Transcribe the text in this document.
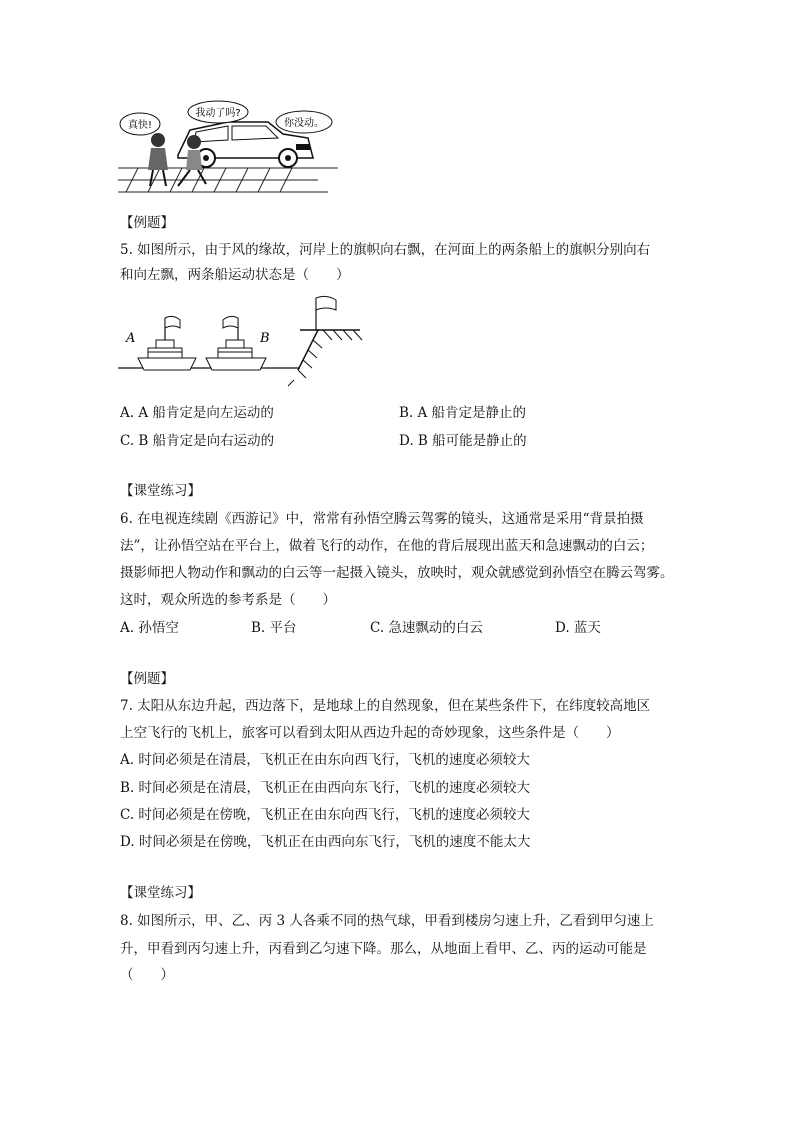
真快!
我动了吗?
你没动。
【例题】
5. 如图所示，由于风的缘故，河岸上的旗帜向右飘，在河面上的两条船上的旗帜分别向右
和向左飘，两条船运动状态是（　　）
A	B
A. A 船肯定是向左运动的	B. A 船肯定是静止的
C. B 船肯定是向右运动的	D. B 船可能是静止的
【课堂练习】
6. 在电视连续剧《西游记》中，常常有孙悟空腾云驾雾的镜头，这通常是采用“背景拍摄
法”，让孙悟空站在平台上，做着飞行的动作，在他的背后展现出蓝天和急速飘动的白云；
摄影师把人物动作和飘动的白云等一起摄入镜头，放映时，观众就感觉到孙悟空在腾云驾雾。
这时，观众所选的参考系是（　　）
A. 孙悟空	B. 平台	C. 急速飘动的白云	D. 蓝天
【例题】
7. 太阳从东边升起，西边落下，是地球上的自然现象，但在某些条件下，在纬度较高地区
上空飞行的飞机上，旅客可以看到太阳从西边升起的奇妙现象，这些条件是（　　）
A. 时间必须是在清晨，飞机正在由东向西飞行，飞机的速度必须较大
B. 时间必须是在清晨，飞机正在由西向东飞行，飞机的速度必须较大
C. 时间必须是在傍晚，飞机正在由东向西飞行，飞机的速度必须较大
D. 时间必须是在傍晚，飞机正在由西向东飞行，飞机的速度不能太大
【课堂练习】
8. 如图所示，甲、乙、丙 3 人各乘不同的热气球，甲看到楼房匀速上升，乙看到甲匀速上
升，甲看到丙匀速上升，丙看到乙匀速下降。那么，从地面上看甲、乙、丙的运动可能是
（　　）
